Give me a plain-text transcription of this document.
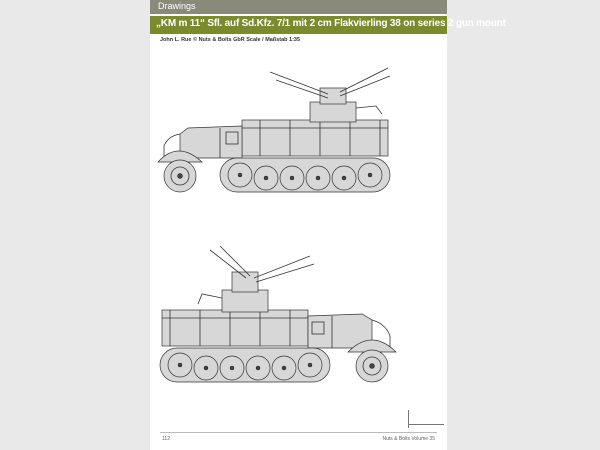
Drawings
„KM m 11“ Sfl. auf Sd.Kfz. 7/1 mit 2 cm Flakvierling 38 on series 2 gun mount
John L. Rue © Nuts & Bolts GbR Scale / Maßstab 1:35
112	Nuts & Bolts Volume 35
